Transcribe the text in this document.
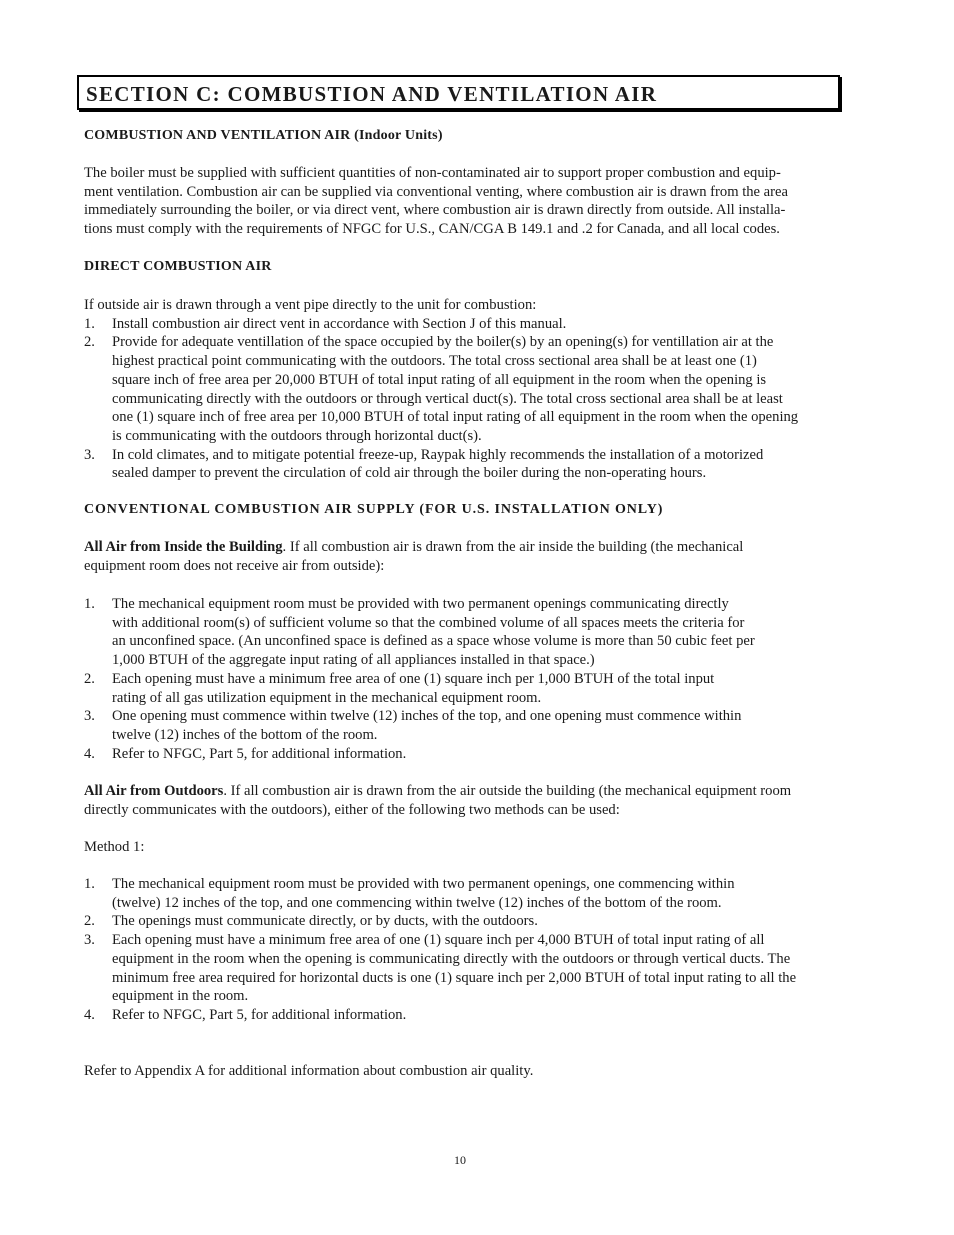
SECTION C: COMBUSTION AND VENTILATION AIR
COMBUSTION AND VENTILATION AIR (Indoor Units)
The boiler must be supplied with sufficient quantities of non-contaminated air to support proper combustion and equip-
ment ventilation. Combustion air can be supplied via conventional venting, where combustion air is drawn from the area
immediately surrounding the boiler, or via direct vent, where combustion air is drawn directly from outside. All installa-
tions must comply with the requirements of NFGC for U.S., CAN/CGA B 149.1 and .2 for Canada, and all local codes.
DIRECT COMBUSTION AIR
If outside air is drawn through a vent pipe directly to the unit for combustion:
1. Install combustion air direct vent in accordance with Section J of this manual.
2. Provide for adequate ventillation of the space occupied by the boiler(s) by an opening(s) for ventillation air at the
highest practical point communicating with the outdoors. The total cross sectional area shall be at least one (1)
square inch of free area per 20,000 BTUH of total input rating of all equipment in the room when the opening is
communicating directly with the outdoors or through vertical duct(s). The total cross sectional area shall be at least
one (1) square inch of free area per 10,000 BTUH of total input rating of all equipment in the room when the opening
is communicating with the outdoors through horizontal duct(s).
3. In cold climates, and to mitigate potential freeze-up, Raypak highly recommends the installation of a motorized
sealed damper to prevent the circulation of cold air through the boiler during the non-operating hours.
CONVENTIONAL COMBUSTION AIR SUPPLY (FOR U.S. INSTALLATION ONLY)
All Air from Inside the Building. If all combustion air is drawn from the air inside the building (the mechanical
equipment room does not receive air from outside):
1. The mechanical equipment room must be provided with two permanent openings communicating directly
with additional room(s) of sufficient volume so that the combined volume of all spaces meets the criteria for
an unconfined space. (An unconfined space is defined as a space whose volume is more than 50 cubic feet per
1,000 BTUH of the aggregate input rating of all appliances installed in that space.)
2. Each opening must have a minimum free area of one (1) square inch per 1,000 BTUH of the total input
rating of all gas utilization equipment in the mechanical equipment room.
3. One opening must commence within twelve (12) inches of the top, and one opening must commence within
twelve (12) inches of the bottom of the room.
4. Refer to NFGC, Part 5, for additional information.
All Air from Outdoors. If all combustion air is drawn from the air outside the building (the mechanical equipment room
directly communicates with the outdoors), either of the following two methods can be used:
Method 1:
1. The mechanical equipment room must be provided with two permanent openings, one commencing within
(twelve) 12 inches of the top, and one commencing within twelve (12) inches of the bottom of the room.
2. The openings must communicate directly, or by ducts, with the outdoors.
3. Each opening must have a minimum free area of one (1) square inch per 4,000 BTUH of total input rating of all
equipment in the room when the opening is communicating directly with the outdoors or through vertical ducts. The
minimum free area required for horizontal ducts is one (1) square inch per 2,000 BTUH of total input rating to all the
equipment in the room.
4. Refer to NFGC, Part 5, for additional information.
Refer to Appendix A for additional information about combustion air quality.
10
